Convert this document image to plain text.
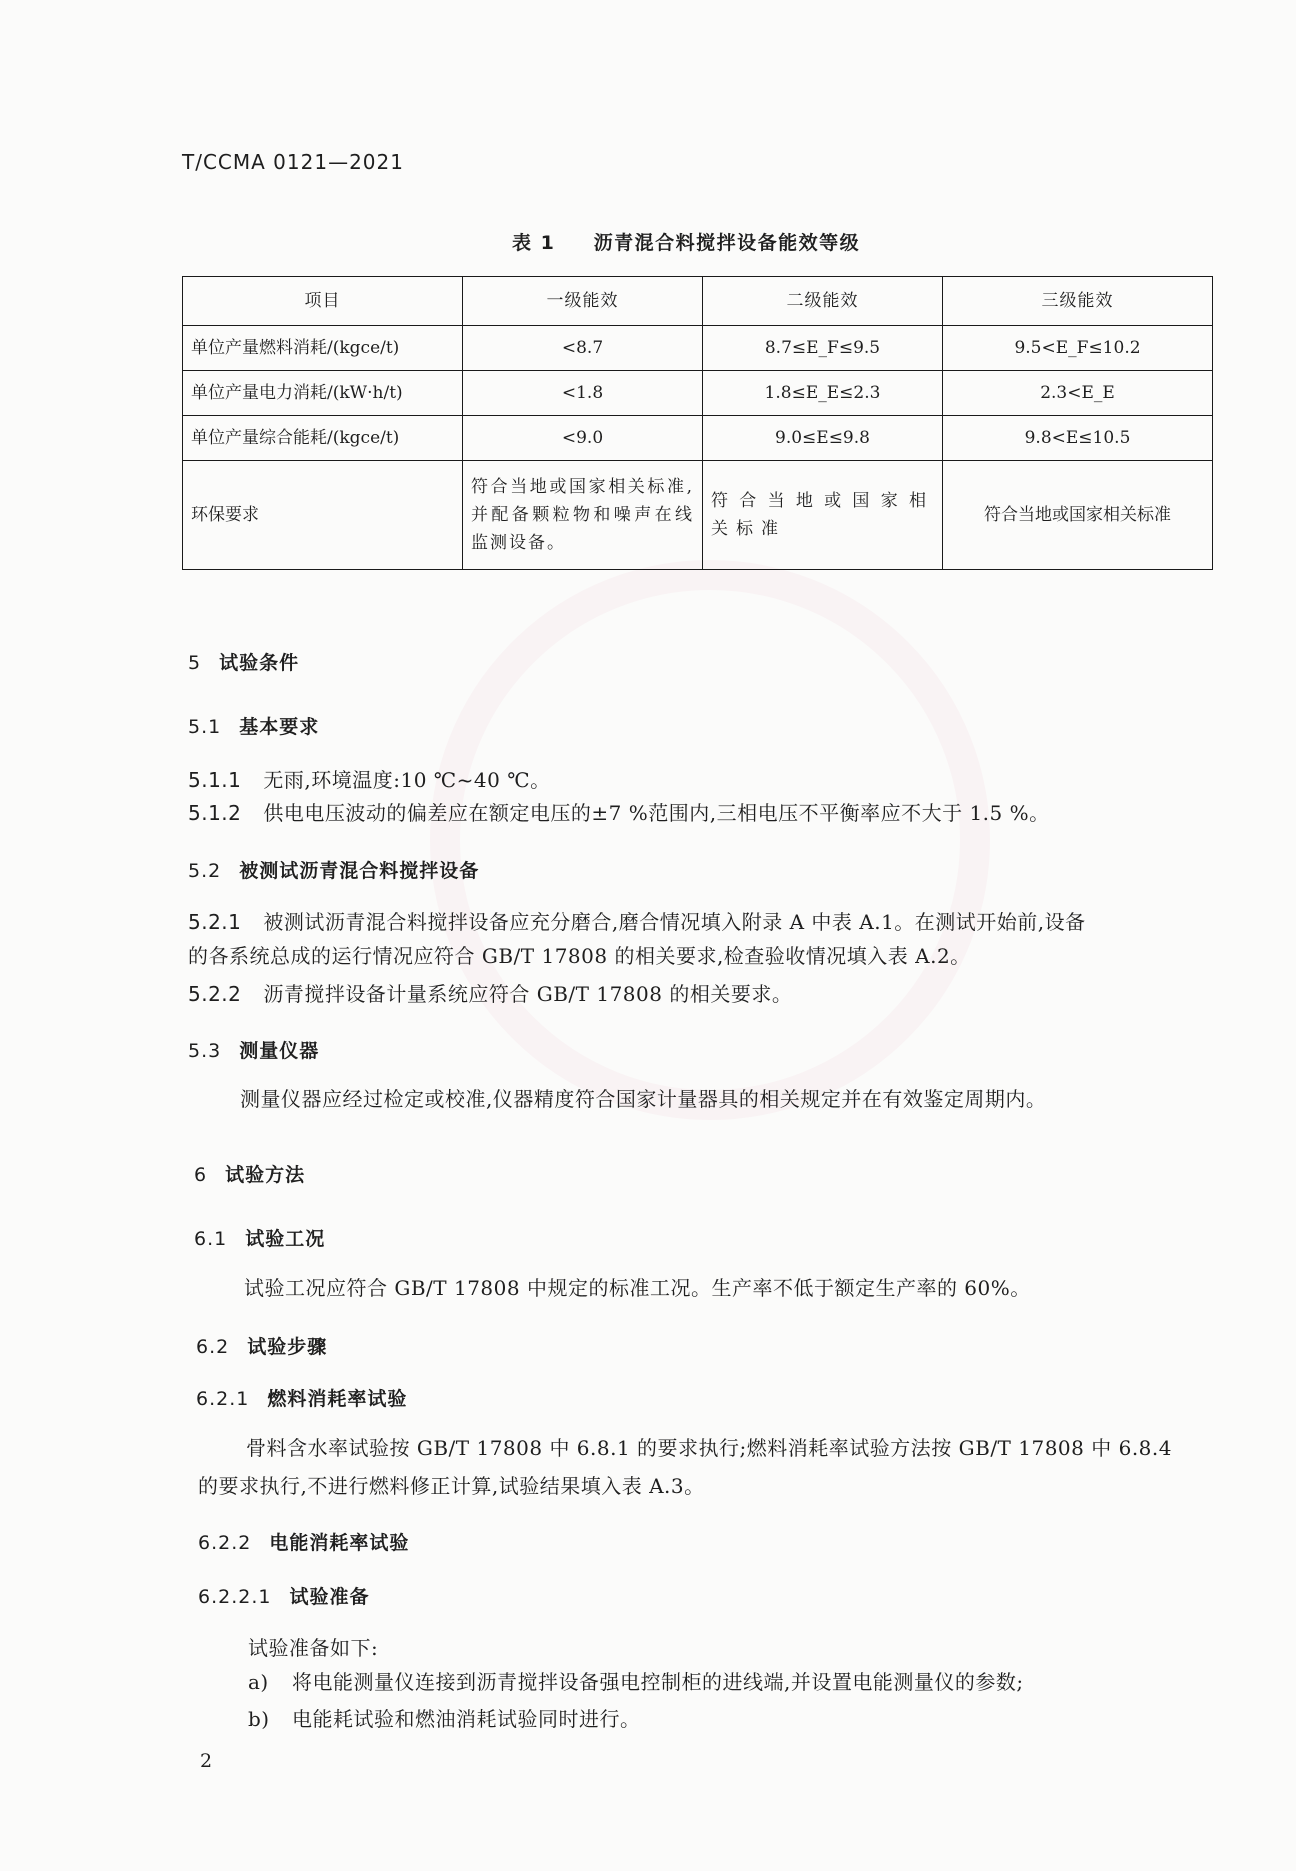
T/CCMA 0121—2021
表 1 沥青混合料搅拌设备能效等级
项目	一级能效	二级能效	三级能效
单位产量燃料消耗/(kgce/t)	<8.7	8.7≤E_F≤9.5	9.5<E_F≤10.2
单位产量电力消耗/(kW·h/t)	<1.8	1.8≤E_E≤2.3	2.3<E_E
单位产量综合能耗/(kgce/t)	<9.0	9.0≤E≤9.8	9.8<E≤10.5
环保要求	符合当地或国家相关标准,并配备颗粒物和噪声在线监测设备。	符合当地或国家相关标准	符合当地或国家相关标准
5 试验条件
5.1 基本要求
5.1.1 无雨,环境温度:10 ℃~40 ℃。
5.1.2 供电电压波动的偏差应在额定电压的±7 %范围内,三相电压不平衡率应不大于 1.5 %。
5.2 被测试沥青混合料搅拌设备
5.2.1 被测试沥青混合料搅拌设备应充分磨合,磨合情况填入附录 A 中表 A.1。在测试开始前,设备
的各系统总成的运行情况应符合 GB/T 17808 的相关要求,检查验收情况填入表 A.2。
5.2.2 沥青搅拌设备计量系统应符合 GB/T 17808 的相关要求。
5.3 测量仪器
测量仪器应经过检定或校准,仪器精度符合国家计量器具的相关规定并在有效鉴定周期内。
6 试验方法
6.1 试验工况
试验工况应符合 GB/T 17808 中规定的标准工况。生产率不低于额定生产率的 60%。
6.2 试验步骤
6.2.1 燃料消耗率试验
骨料含水率试验按 GB/T 17808 中 6.8.1 的要求执行;燃料消耗率试验方法按 GB/T 17808 中 6.8.4
的要求执行,不进行燃料修正计算,试验结果填入表 A.3。
6.2.2 电能消耗率试验
6.2.2.1 试验准备
试验准备如下:
a) 将电能测量仪连接到沥青搅拌设备强电控制柜的进线端,并设置电能测量仪的参数;
b) 电能耗试验和燃油消耗试验同时进行。
2
